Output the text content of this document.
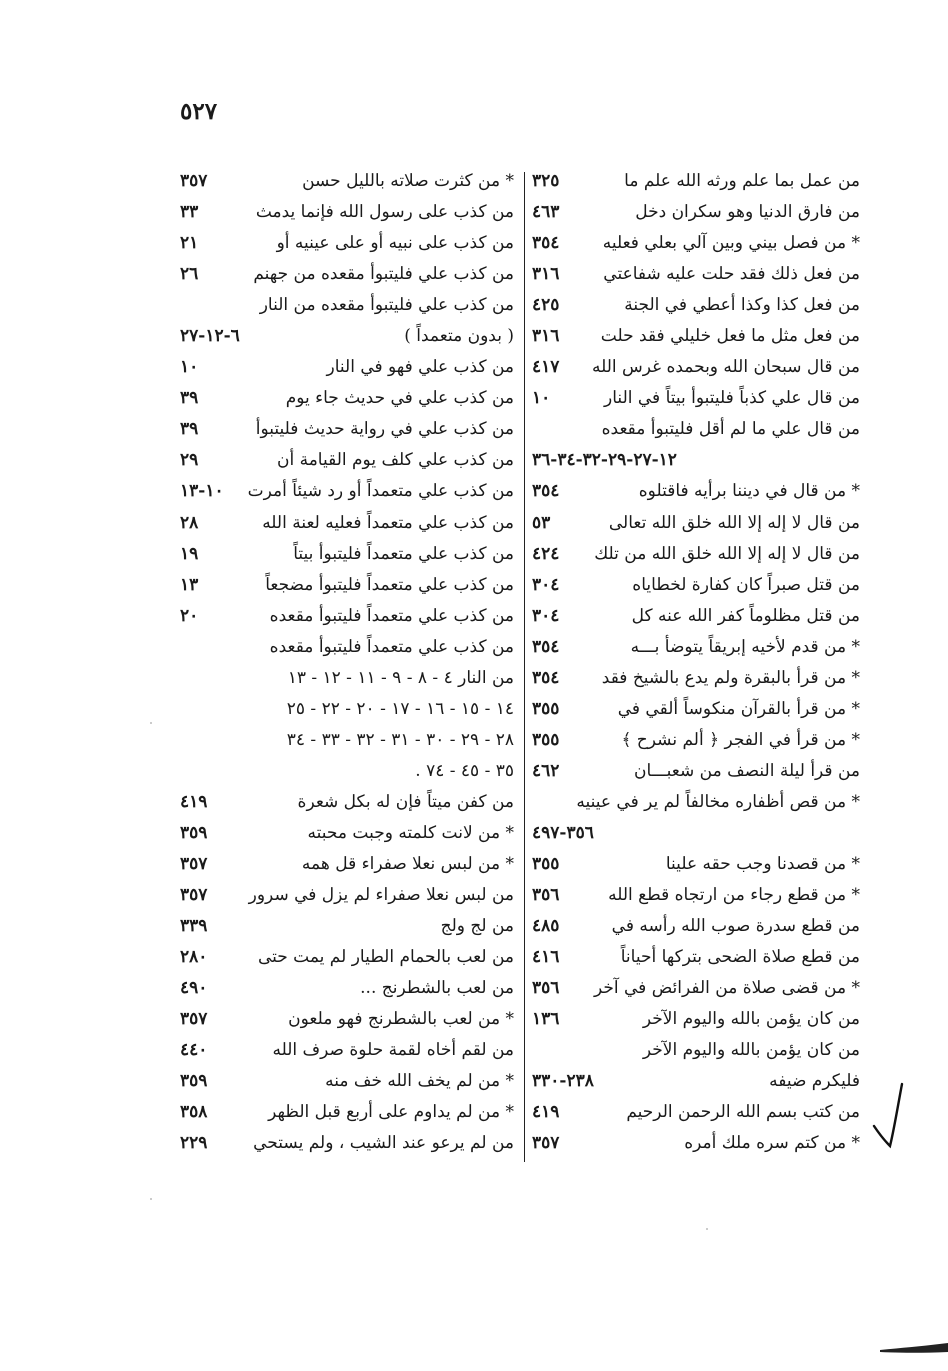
٥٢٧
من عمل بما علم ورثه الله علم ما
٣٢٥
من فارق الدنيا وهو سكران دخل
٤٦٣
* من فصل بيني وبين آلي بعلي فعليه
٣٥٤
من فعل ذلك فقد حلت عليه شفاعتي
٣١٦
من فعل كذا وكذا أعطي في الجنة
٤٢٥
من فعل مثل ما فعل خليلي فقد حلت
٣١٦
من قال سبحان الله وبحمده غرس الله
٤١٧
من قال علي كذباً فليتبوأ بيتاً في النار
١٠
من قال علي ما لم أقل فليتبوأ مقعده
١٢-٢٧-٢٩-٣٢-٣٤-٣٦
* من قال في ديننا برأيه فاقتلوه
٣٥٤
من قال لا إله إلا الله خلق الله تعالى
٥٣
من قال لا إله إلا الله خلق الله من تلك
٤٢٤
من قتل صبراً كان كفارة لخطاياه
٣٠٤
من قتل مظلوماً كفر الله عنه كل
٣٠٤
* من قدم لأخيه إبريقاً يتوضأ بـــه
٣٥٤
* من قرأ بالبقرة ولم يدع بالشيخ فقد
٣٥٤
* من قرأ بالقرآن منكوساً ألقي في
٣٥٥
* من قرأ في الفجر ﴿ ألم نشرح ﴾
٣٥٥
من قرأ ليلة النصف من شعبـــان
٤٦٢
* من قص أظفاره مخالفاً لم ير في عينيه
٣٥٦-٤٩٧
* من قصدنا وجب حقه علينا
٣٥٥
* من قطع رجاء من ارتجاه قطع الله
٣٥٦
من قطع سدرة صوب الله رأسه في
٤٨٥
من قطع صلاة الضحى بتركها أحياناً
٤١٦
* من قضى صلاة من الفرائض في آخر
٣٥٦
من كان يؤمن بالله واليوم الآخر
١٣٦
من كان يؤمن بالله واليوم الآخر
فليكرم ضيفه
٢٣٨-٣٣٠
من كتب بسم الله الرحمن الرحيم
٤١٩
* من كتم سره ملك أمره
٣٥٧
* من كثرت صلاته بالليل حسن
٣٥٧
من كذب على رسول الله فإنما يدمث
٣٣
من كذب على نبيه أو على عينيه أو
٢١
من كذب علي فليتبوأ مقعده من جهنم
٢٦
من كذب علي فليتبوأ مقعده من النار
( بدون متعمداً )
٦-١٢-٢٧
من كذب علي فهو في النار
١٠
من كذب علي في حديث جاء يوم
٣٩
من كذب علي في رواية حديث فليتبوأ
٣٩
من كذب علي كلف يوم القيامة أن
٢٩
من كذب علي متعمداً أو رد شيئاً أمرت
١٠-١٣
من كذب علي متعمداً فعليه لعنة الله
٢٨
من كذب علي متعمداً فليتبوأ بيتاً
١٩
من كذب علي متعمداً فليتبوأ مضجعاً
١٣
من كذب علي متعمداً فليتبوأ مقعده
٢٠
من كذب علي متعمداً فليتبوأ مقعده
من النار ٤ - ٨ - ٩ - ١١ - ١٢ - ١٣
١٤ - ١٥ - ١٦ - ١٧ - ٢٠ - ٢٢ - ٢٥
٢٨ - ٢٩ - ٣٠ - ٣١ - ٣٢ - ٣٣ - ٣٤
٣٥ - ٤٥ - ٧٤ .
من كفن ميتاً فإن له بكل شعرة
٤١٩
* من لانت كلمته وجبت محبته
٣٥٩
* من لبس نعلا صفراء قل همه
٣٥٧
من لبس نعلا صفراء لم يزل في سرور
٣٥٧
من لج ولج
٣٣٩
من لعب بالحمام الطيار لم يمت حتى
٢٨٠
من لعب بالشطرنج ...
٤٩٠
* من لعب بالشطرنج فهو ملعون
٣٥٧
من لقم أخاه لقمة حلوة صرف الله
٤٤٠
* من لم يخف الله خف منه
٣٥٩
* من لم يداوم على أربع قبل الظهر
٣٥٨
من لم يرعو عند الشيب ، ولم يستحي
٢٢٩
